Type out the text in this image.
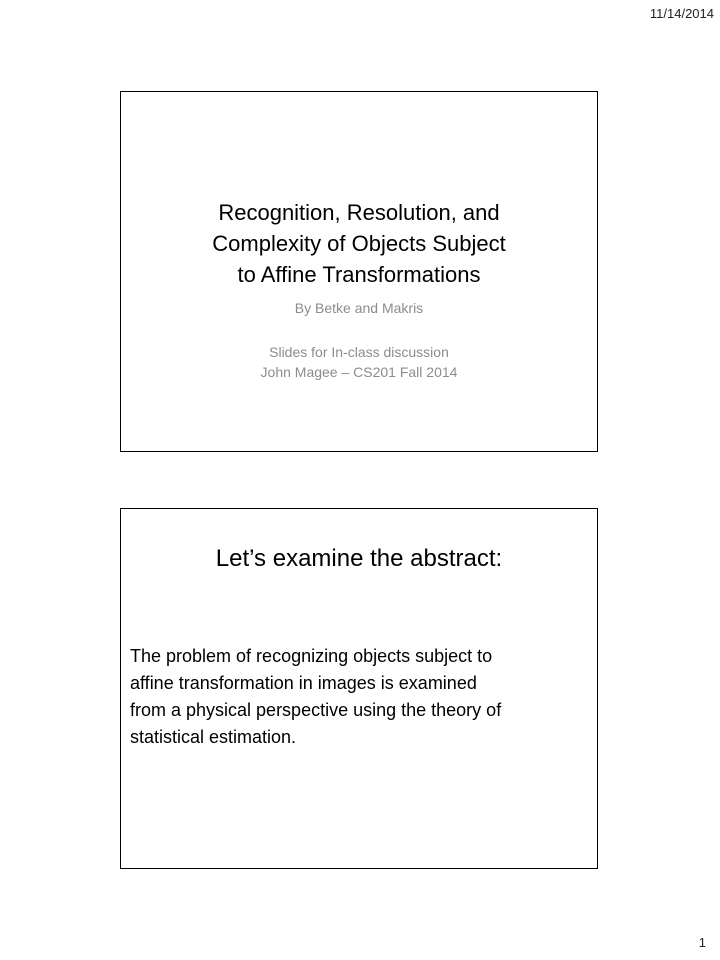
11/14/2014
Recognition, Resolution, and
Complexity of Objects Subject
to Affine Transformations
By Betke and Makris
Slides for In-class discussion
John Magee – CS201 Fall 2014
Let’s examine the abstract:
The problem of recognizing objects subject to
affine transformation in images is examined
from a physical perspective using the theory of
statistical estimation.
1
